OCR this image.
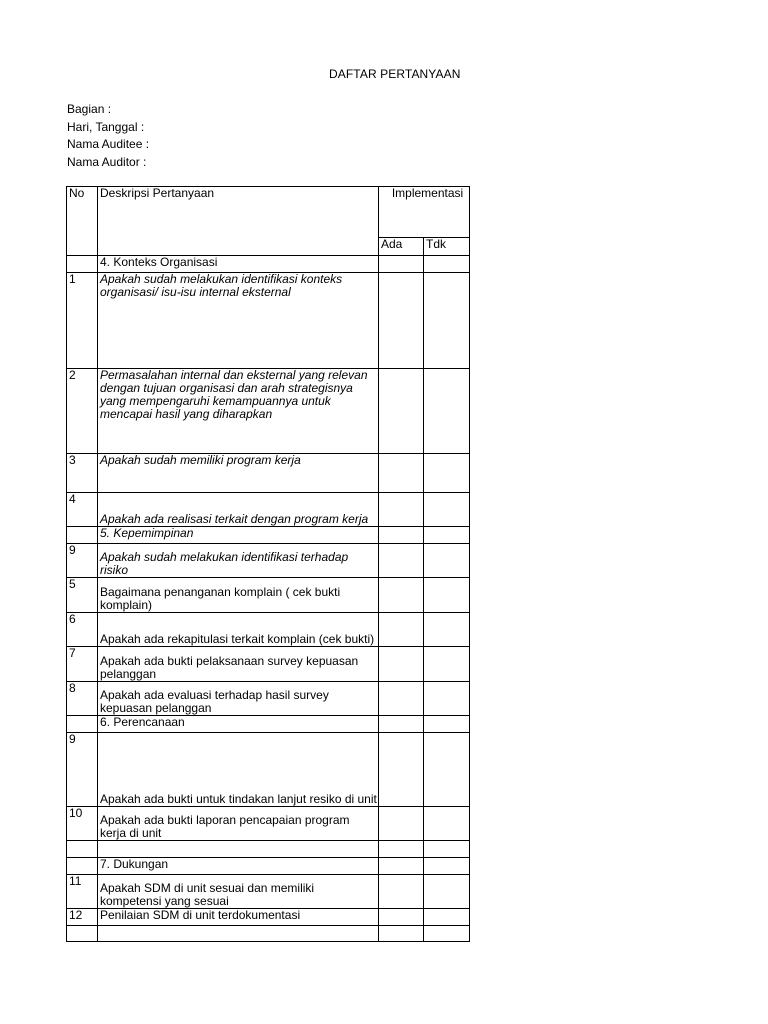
DAFTAR PERTANYAAN
Bagian :
Hari, Tanggal :
Nama Auditee :
Nama Auditor :
No	Deskripsi Pertanyaan	Implementasi	
		Ada	Tdk
	4. Konteks Organisasi		
1	Apakah sudah melakukan identifikasi konteks organisasi/ isu-isu internal eksternal		
2	Permasalahan internal dan eksternal yang relevan dengan tujuan organisasi dan arah strategisnya yang mempengaruhi kemampuannya untuk mencapai hasil yang diharapkan		
3	Apakah sudah memiliki program kerja		
4	Apakah ada realisasi terkait dengan program kerja		
	5. Kepemimpinan		
9	Apakah sudah melakukan identifikasi terhadap risiko		
5	Bagaimana penanganan komplain ( cek bukti komplain)		
6	Apakah ada rekapitulasi terkait komplain (cek bukti)		
7	Apakah ada bukti pelaksanaan survey kepuasan pelanggan		
8	Apakah ada evaluasi terhadap hasil survey kepuasan pelanggan		
	6. Perencanaan		
9	Apakah ada bukti untuk tindakan lanjut resiko di unit		
10	Apakah ada bukti laporan pencapaian program kerja di unit		

	7. Dukungan		
11	Apakah SDM di unit sesuai dan memiliki kompetensi yang sesuai		
12	Penilaian SDM di unit terdokumentasi		
